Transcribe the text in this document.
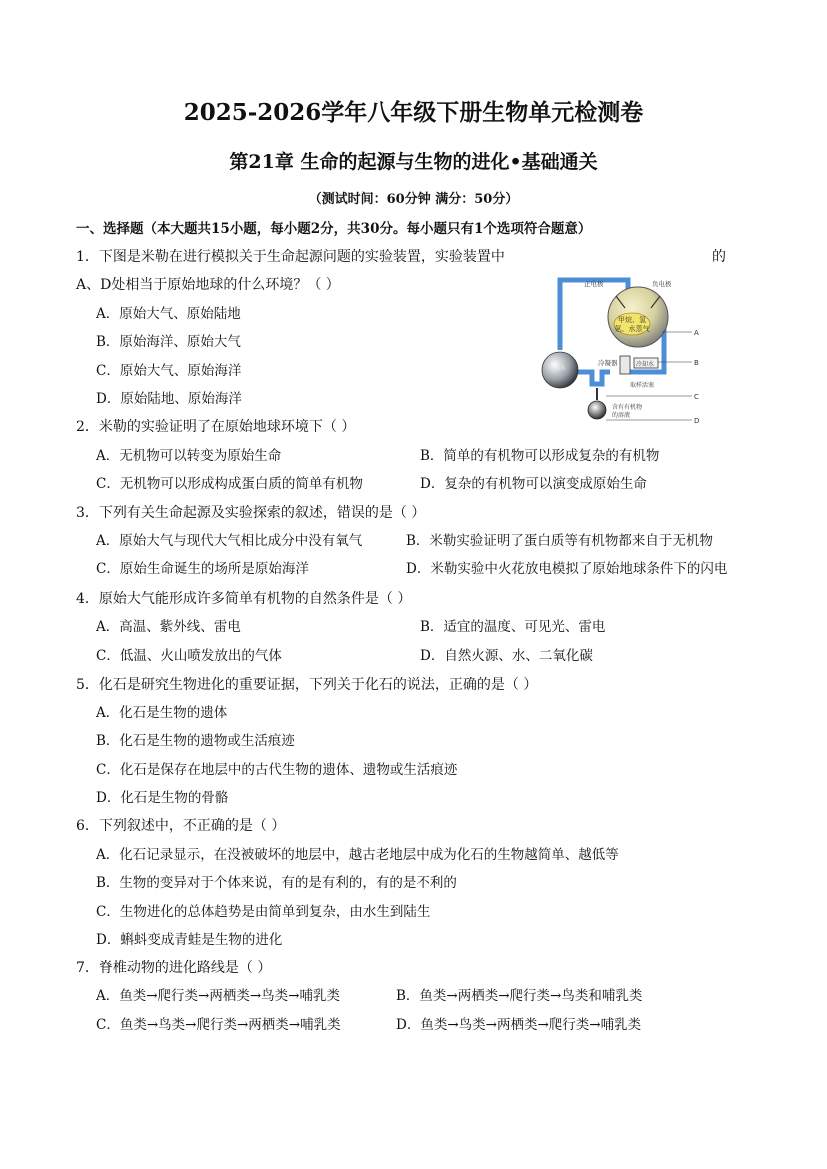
2025-2026学年八年级下册生物单元检测卷
第21章 生命的起源与生物的进化•基础通关
（测试时间：60分钟 满分：50分）
一、选择题（本大题共15小题，每小题2分，共30分。每小题只有1个选项符合题意）
1．下图是米勒在进行模拟关于生命起源问题的实验装置，实验装置中	的
A、D处相当于原始地球的什么环境？（ ）
A．原始大气、原始陆地
B．原始海洋、原始大气
C．原始大气、原始海洋
D．原始陆地、原始海洋
甲烷、氢
氨、水蒸气
正电极	负电极
冷凝器	冷却水
沸水
取样活塞
含有有机物
的溶液
A
B
C
D
2．米勒的实验证明了在原始地球环境下（ ）
A．无机物可以转变为原始生命	B．简单的有机物可以形成复杂的有机物
C．无机物可以形成构成蛋白质的简单有机物	D．复杂的有机物可以演变成原始生命
3．下列有关生命起源及实验探索的叙述，错误的是（ ）
A．原始大气与现代大气相比成分中没有氧气	B．米勒实验证明了蛋白质等有机物都来自于无机物
C．原始生命诞生的场所是原始海洋	D．米勒实验中火花放电模拟了原始地球条件下的闪电
4．原始大气能形成许多简单有机物的自然条件是（ ）
A．高温、紫外线、雷电	B．适宜的温度、可见光、雷电
C．低温、火山喷发放出的气体	D．自然火源、水、二氧化碳
5．化石是研究生物进化的重要证据，下列关于化石的说法，正确的是（ ）
A．化石是生物的遗体
B．化石是生物的遗物或生活痕迹
C．化石是保存在地层中的古代生物的遗体、遗物或生活痕迹
D．化石是生物的骨骼
6．下列叙述中，不正确的是（ ）
A．化石记录显示，在没被破坏的地层中，越古老地层中成为化石的生物越简单、越低等
B．生物的变异对于个体来说，有的是有利的，有的是不利的
C．生物进化的总体趋势是由简单到复杂，由水生到陆生
D．蝌蚪变成青蛙是生物的进化
7．脊椎动物的进化路线是（ ）
A．鱼类→爬行类→两栖类→鸟类→哺乳类	B．鱼类→两栖类→爬行类→鸟类和哺乳类
C．鱼类→鸟类→爬行类→两栖类→哺乳类	D．鱼类→鸟类→两栖类→爬行类→哺乳类
